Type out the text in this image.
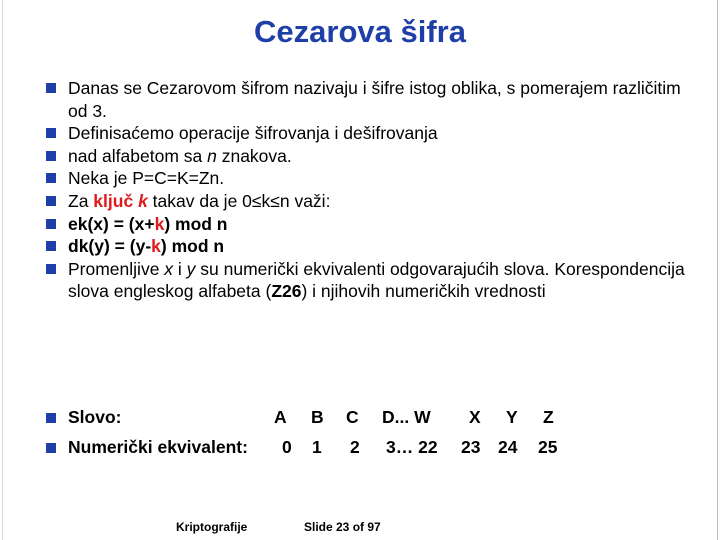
Cezarova šifra
Danas se Cezarovom šifrom nazivaju i šifre istog oblika, s pomerajem različitim od 3.
Definisaćemo operacije šifrovanja i dešifrovanja
nad alfabetom sa n znakova.
Neka je P=C=K=Zn.
Za ključ k takav da je 0≤k≤n važi:
ek(x) = (x+k) mod n
dk(y) = (y-k) mod n
Promenljive x i y su numerički ekvivalenti odgovarajućih slova. Korespondencija slova engleskog alfabeta (Z26) i njihovih numeričkih vrednosti
Slovo:	A B C D... W X Y Z
Numerički ekvivalent: 0 1 2 3… 22 23 24 25
Kriptografije	Slide 23 of 97
